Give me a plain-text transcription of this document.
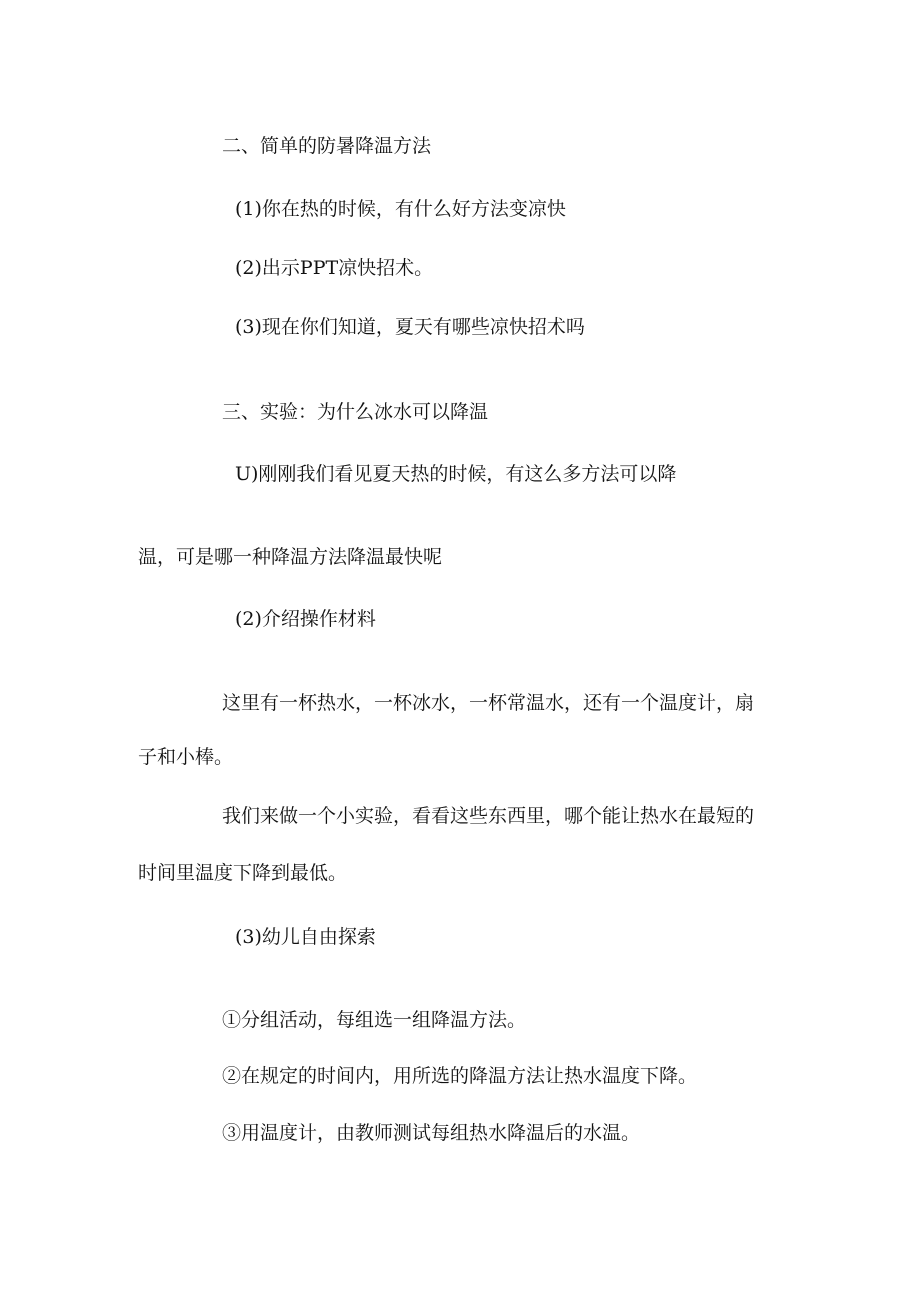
二、简单的防暑降温方法

(1)你在热的时候，有什么好方法变凉快

(2)出示PPT凉快招术。

(3)现在你们知道，夏天有哪些凉快招术吗

三、实验：为什么冰水可以降温

U)刚刚我们看见夏天热的时候，有这么多方法可以降

温，可是哪一种降温方法降温最快呢

(2)介绍操作材料

这里有一杯热水，一杯冰水，一杯常温水，还有一个温度计，扇

子和小棒。

我们来做一个小实验，看看这些东西里，哪个能让热水在最短的

时间里温度下降到最低。

(3)幼儿自由探索

①分组活动，每组选一组降温方法。

②在规定的时间内，用所选的降温方法让热水温度下降。

③用温度计，由教师测试每组热水降温后的水温。
